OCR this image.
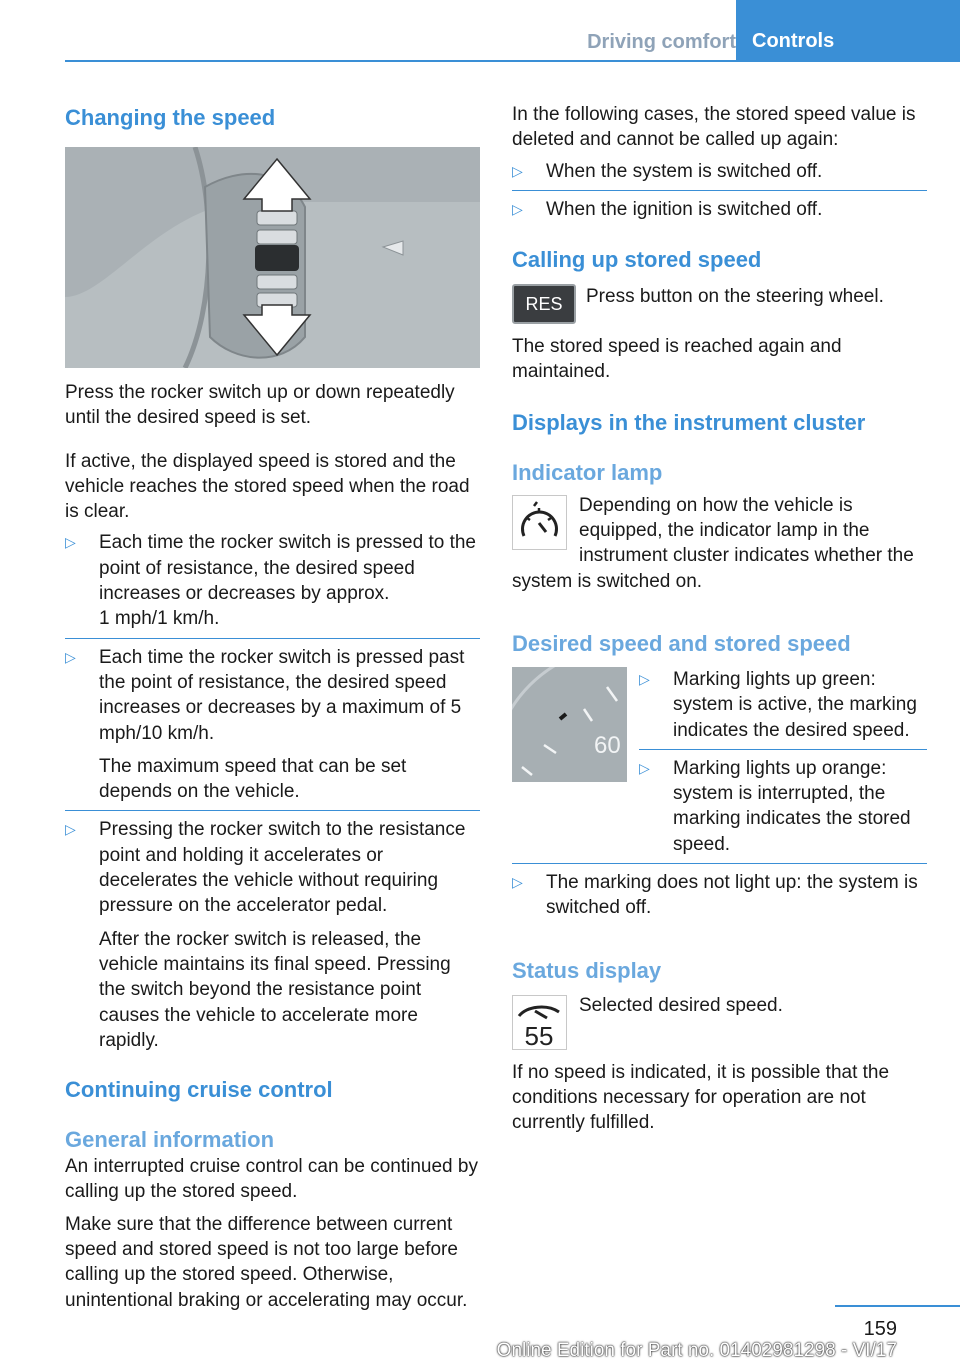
Driving comfort Controls
Changing the speed
Press the rocker switch up or down repeatedly until the desired speed is set.
If active, the displayed speed is stored and the vehicle reaches the stored speed when the road is clear.
▷ Each time the rocker switch is pressed to the point of resistance, the desired speed increases or decreases by approx.
1 mph/1 km/h.
▷ Each time the rocker switch is pressed past the point of resistance, the desired speed increases or decreases by a maximum of 5 mph/10 km/h.
The maximum speed that can be set depends on the vehicle.
▷ Pressing the rocker switch to the resistance point and holding it accelerates or decelerates the vehicle without requiring pressure on the accelerator pedal.
After the rocker switch is released, the vehicle maintains its final speed. Pressing the switch beyond the resistance point causes the vehicle to accelerate more rapidly.
Continuing cruise control
General information
An interrupted cruise control can be continued by calling up the stored speed.
Make sure that the difference between current speed and stored speed is not too large before calling up the stored speed. Otherwise, unintentional braking or accelerating may occur.
In the following cases, the stored speed value is deleted and cannot be called up again:
▷ When the system is switched off.
▷ When the ignition is switched off.
Calling up stored speed
RES	Press button on the steering wheel.
The stored speed is reached again and maintained.
Displays in the instrument cluster
Indicator lamp
Depending on how the vehicle is equipped, the indicator lamp in the instrument cluster indicates whether the system is switched on.
Desired speed and stored speed
60
▷ Marking lights up green: system is active, the marking indicates the desired speed.
▷ Marking lights up orange: system is interrupted, the marking indicates the stored speed.
▷ The marking does not light up: the system is switched off.
Status display
55
Selected desired speed.
If no speed is indicated, it is possible that the conditions necessary for operation are not currently fulfilled.
159
Online Edition for Part no. 01402981298 - VI/17
